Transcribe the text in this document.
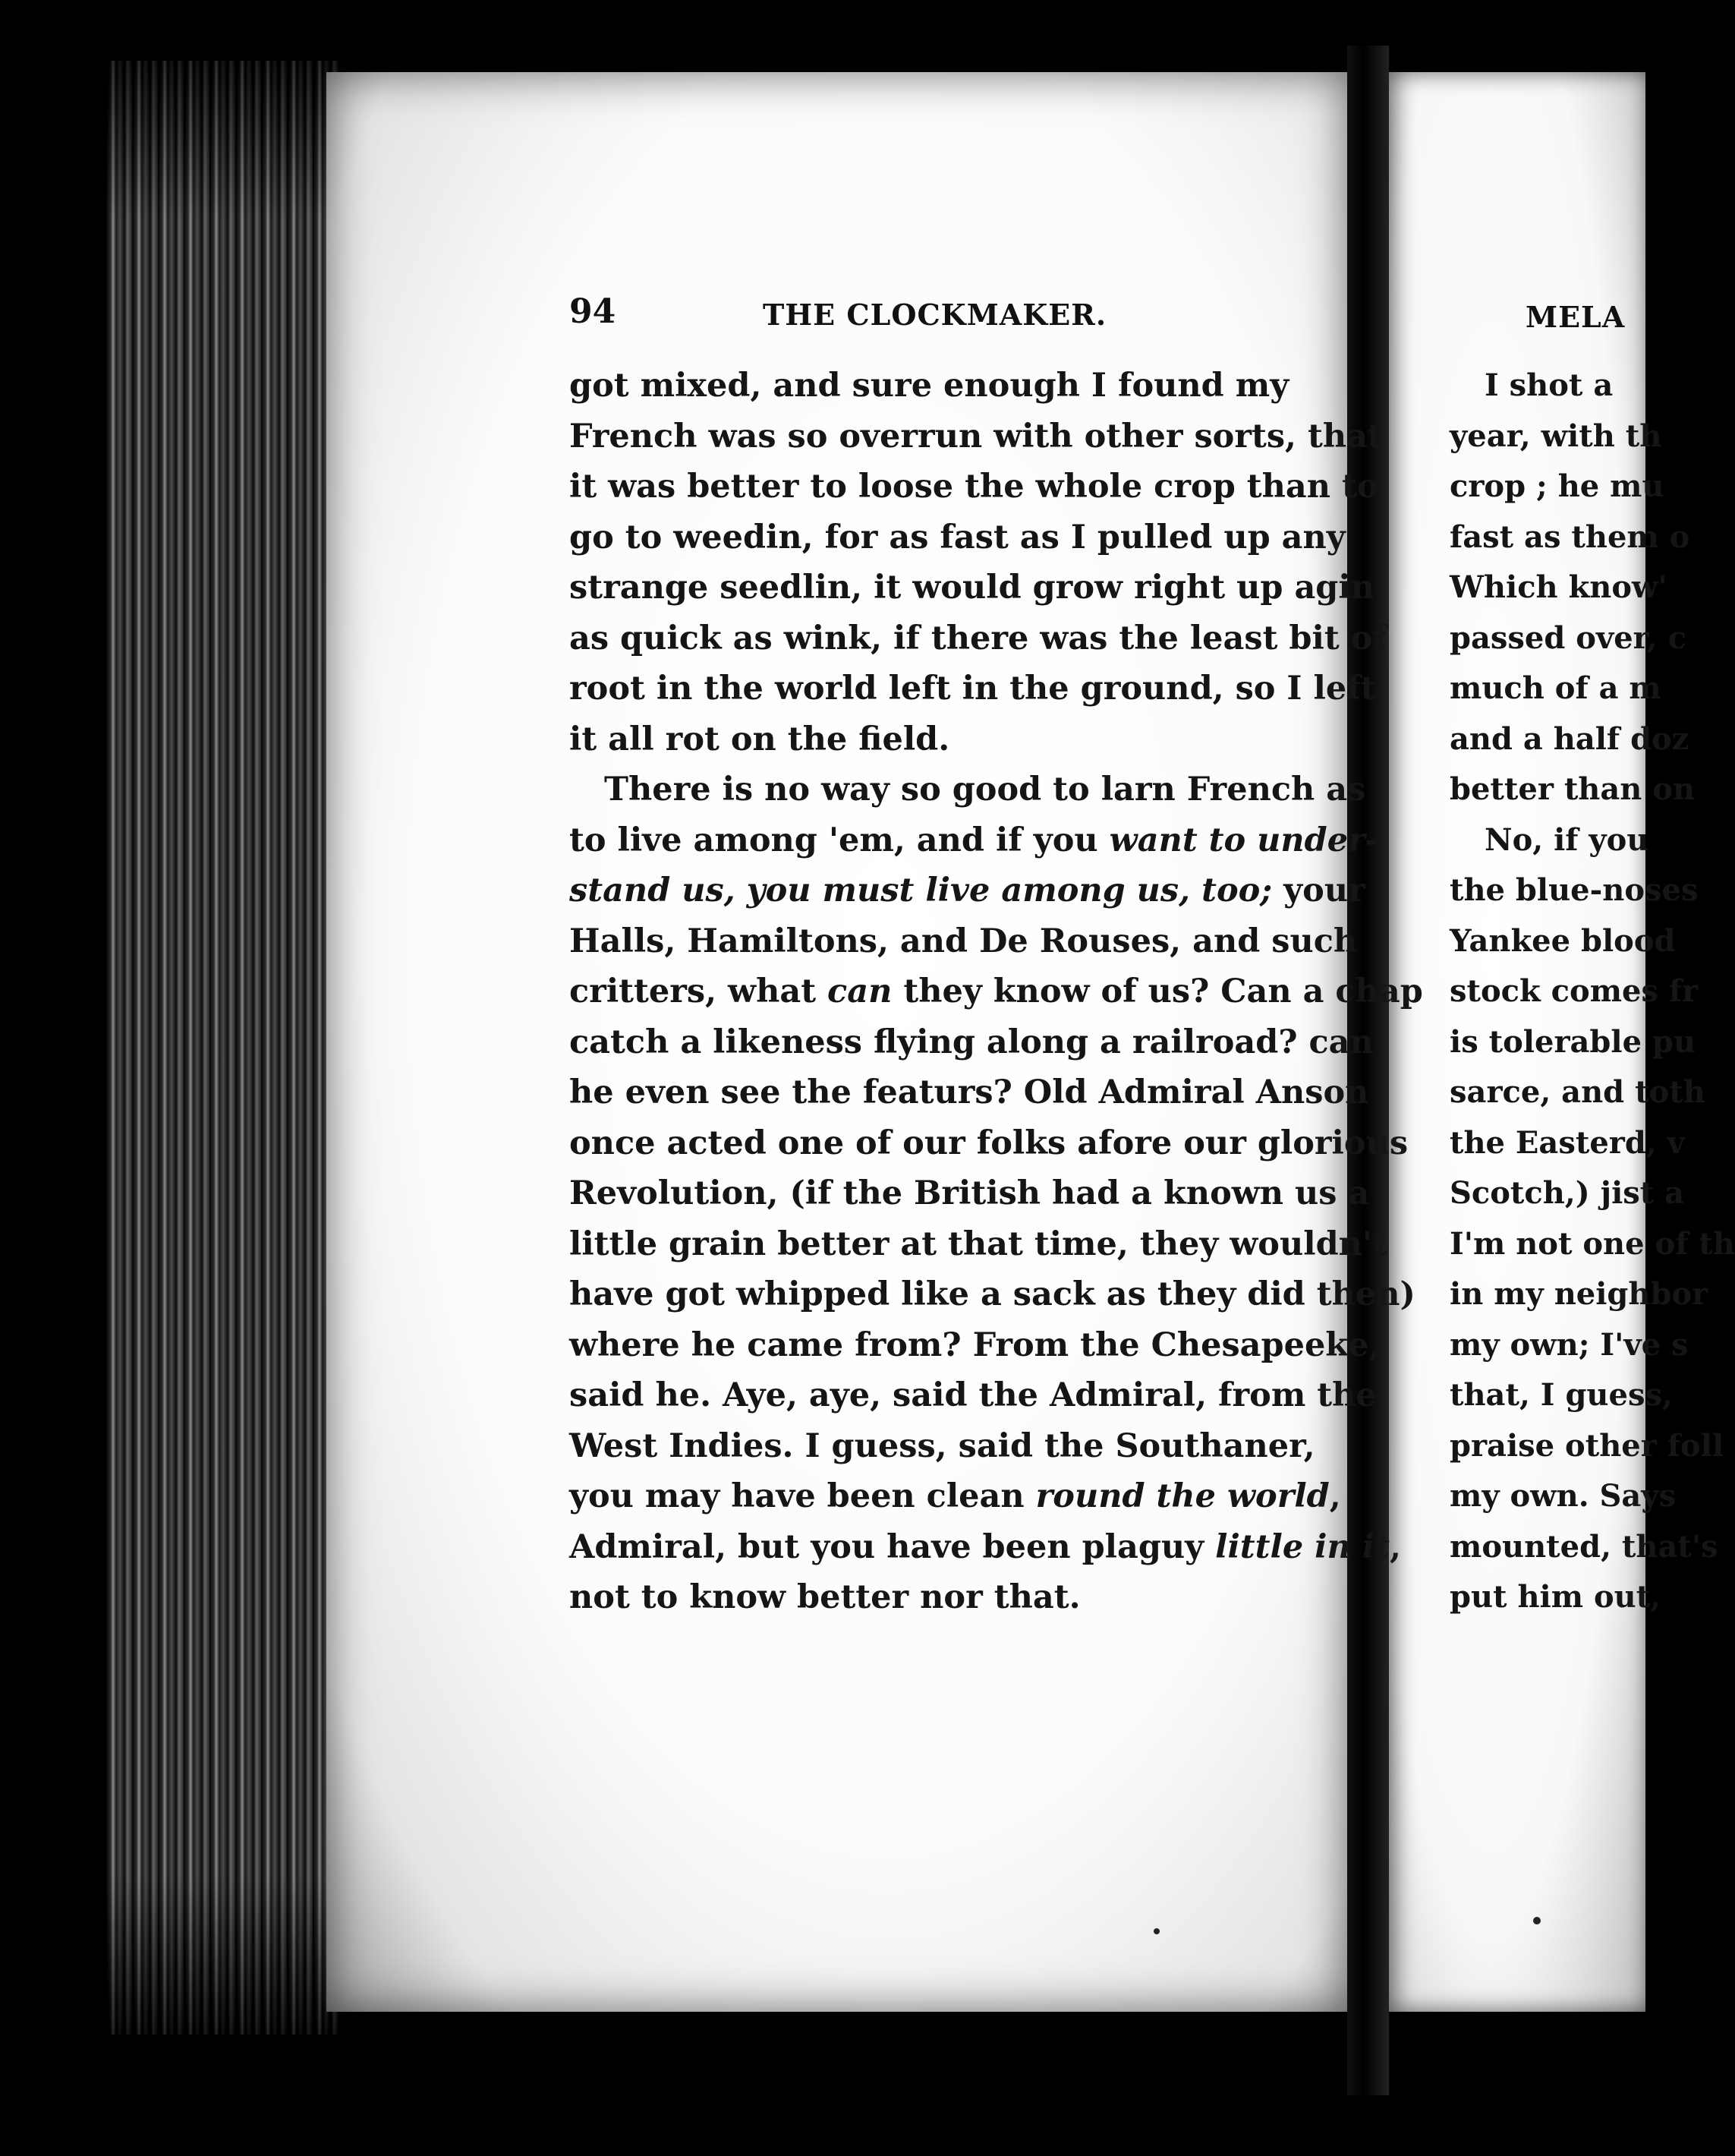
MELA
I shot a
year, with th
crop ; he mu
fast as them o
Which know'
passed over, c
much of a m
and a half doz
better than on
No, if you
the blue-noses
Yankee blood
stock comes fr
is tolerable pu
sarce, and toth
the Easterd, v
Scotch,) jist a
I'm not one of th
in my neighbor
my own; I've s
that, I guess,
praise other foll
my own. Says
mounted, that's
put him out,
94	THE CLOCKMAKER.
got mixed, and sure enough I found my
French was so overrun with other sorts, that
it was better to loose the whole crop than to
go to weedin, for as fast as I pulled up any
strange seedlin, it would grow right up agin
as quick as wink, if there was the least bit of
root in the world left in the ground, so I left
it all rot on the field.
There is no way so good to larn French as
to live among 'em, and if you want to under-
stand us, you must live among us, too; your
Halls, Hamiltons, and De Rouses, and such
critters, what can they know of us? Can a chap
catch a likeness flying along a railroad? can
he even see the featurs? Old Admiral Anson
once acted one of our folks afore our glorious
Revolution, (if the British had a known us a
little grain better at that time, they wouldn't
have got whipped like a sack as they did then)
where he came from? From the Chesapeeke,
said he. Aye, aye, said the Admiral, from the
West Indies. I guess, said the Southaner,
you may have been clean round the world,
Admiral, but you have been plaguy little in it,
not to know better nor that.
